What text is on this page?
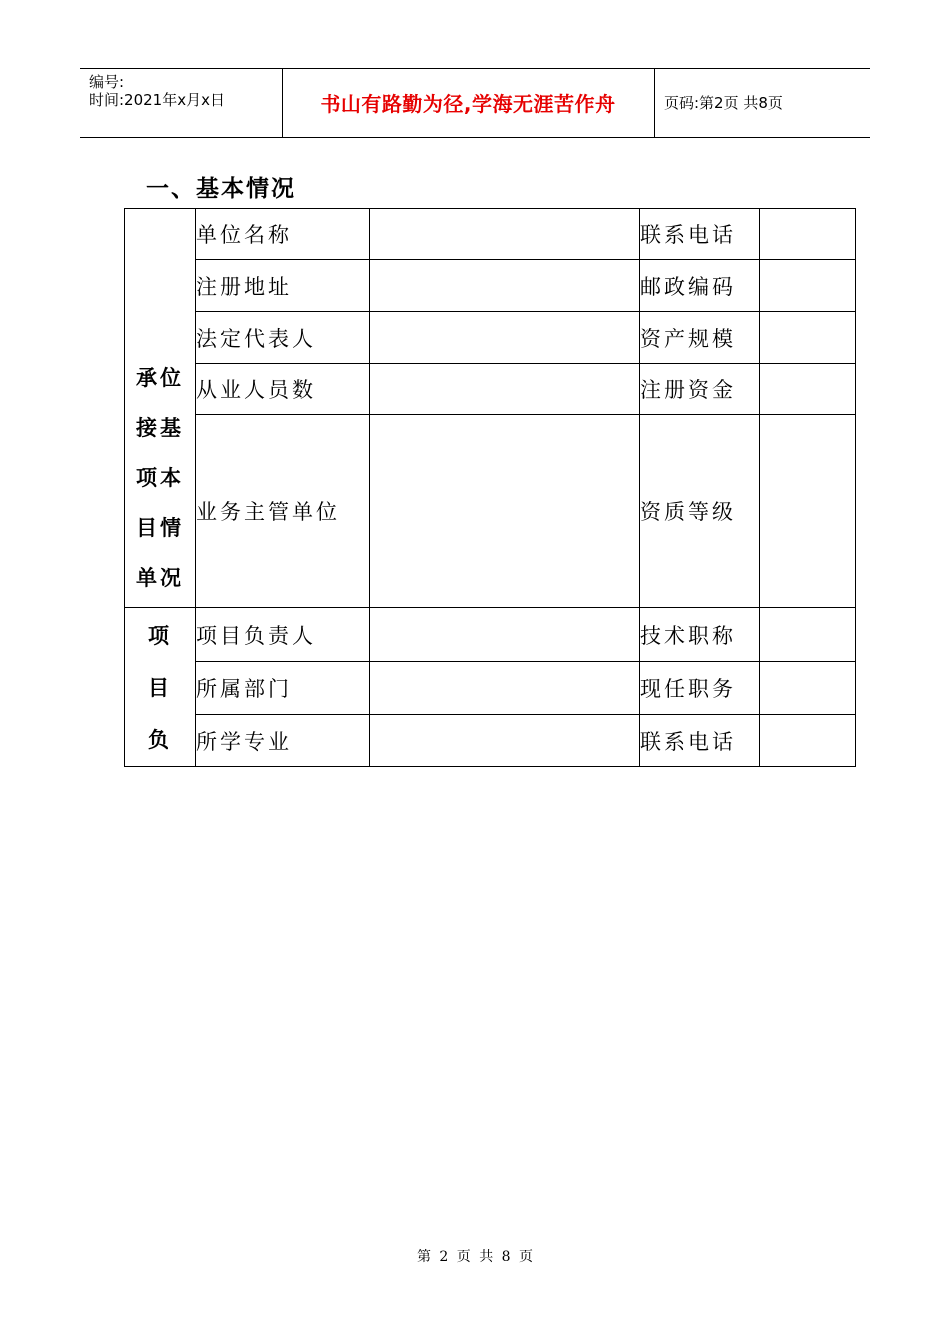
编号:
时间:2021年x月x日	书山有路勤为径,学海无涯苦作舟	页码:第2页 共8页
一、基本情况
承位
接基
项本
目情
单况	单位名称		联系电话	
	注册地址		邮政编码	
	法定代表人		资产规模	
	从业人员数		注册资金	
	业务主管单位		资质等级	

项
目
负	项目负责人		技术职称	
	所属部门		现任职务	
	所学专业		联系电话	
第 2 页 共 8 页
